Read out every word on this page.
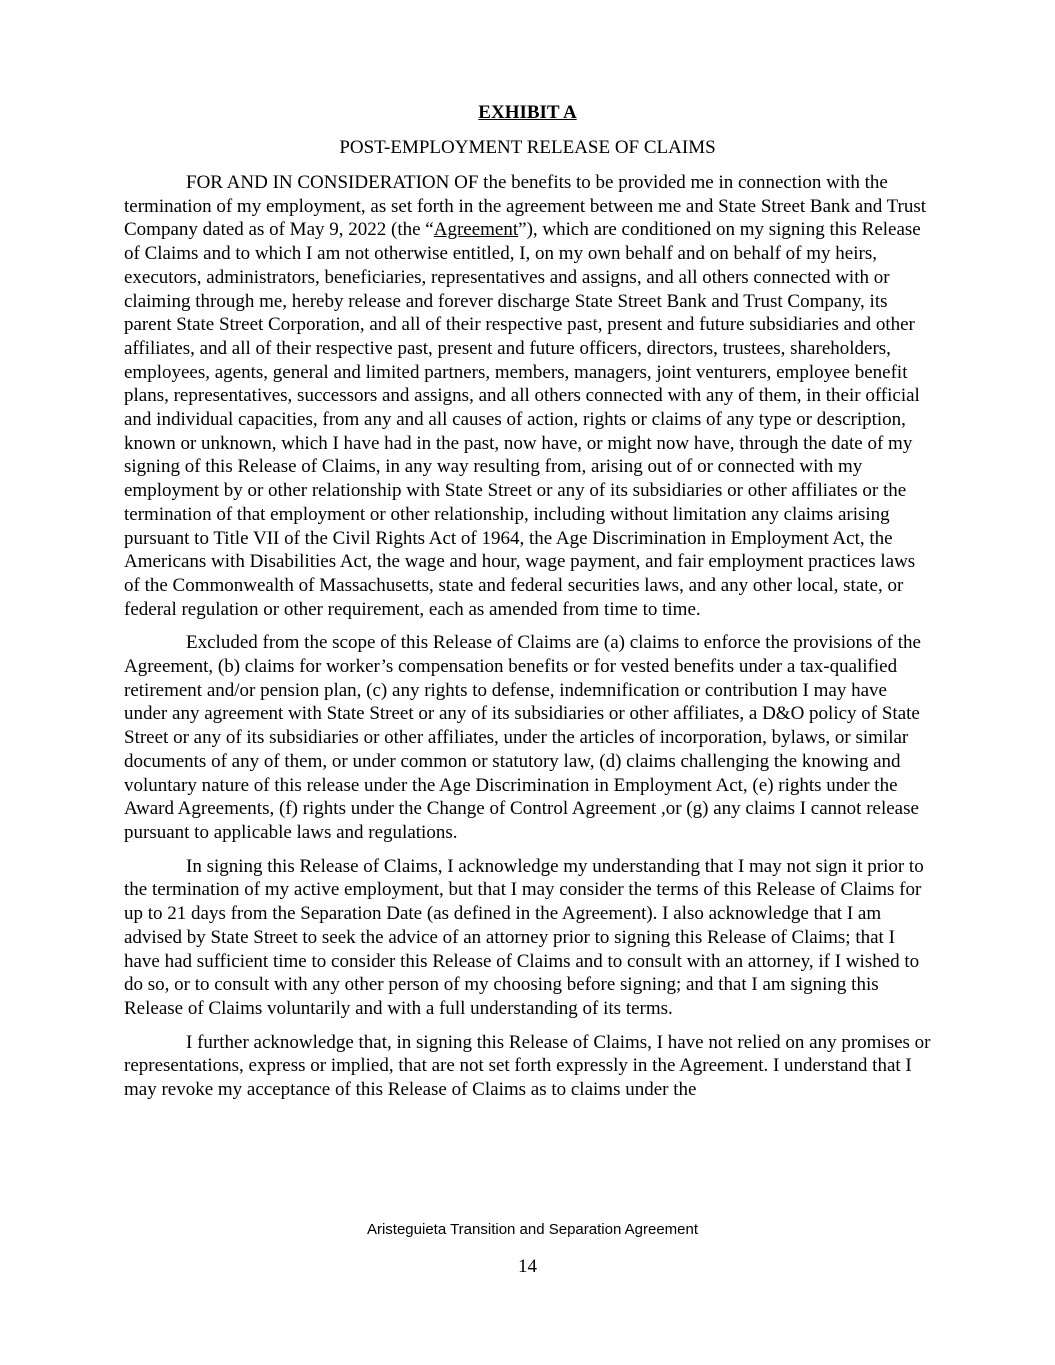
EXHIBIT A
POST-EMPLOYMENT RELEASE OF CLAIMS

FOR AND IN CONSIDERATION OF the benefits to be provided me in connection with the termination of my employment, as set forth in the agreement between me and State Street Bank and Trust Company dated as of May 9, 2022 (the “Agreement”), which are conditioned on my signing this Release of Claims and to which I am not otherwise entitled, I, on my own behalf and on behalf of my heirs, executors, administrators, beneficiaries, representatives and assigns, and all others connected with or claiming through me, hereby release and forever discharge State Street Bank and Trust Company, its parent State Street Corporation, and all of their respective past, present and future subsidiaries and other affiliates, and all of their respective past, present and future officers, directors, trustees, shareholders, employees, agents, general and limited partners, members, managers, joint venturers, employee benefit plans, representatives, successors and assigns, and all others connected with any of them, in their official and individual capacities, from any and all causes of action, rights or claims of any type or description, known or unknown, which I have had in the past, now have, or might now have, through the date of my signing of this Release of Claims, in any way resulting from, arising out of or connected with my employment by or other relationship with State Street or any of its subsidiaries or other affiliates or the termination of that employment or other relationship, including without limitation any claims arising pursuant to Title VII of the Civil Rights Act of 1964, the Age Discrimination in Employment Act, the Americans with Disabilities Act, the wage and hour, wage payment, and fair employment practices laws of the Commonwealth of Massachusetts, state and federal securities laws, and any other local, state, or federal regulation or other requirement, each as amended from time to time.

Excluded from the scope of this Release of Claims are (a) claims to enforce the provisions of the Agreement, (b) claims for worker’s compensation benefits or for vested benefits under a tax-qualified retirement and/or pension plan, (c) any rights to defense, indemnification or contribution I may have under any agreement with State Street or any of its subsidiaries or other affiliates, a D&O policy of State Street or any of its subsidiaries or other affiliates, under the articles of incorporation, bylaws, or similar documents of any of them, or under common or statutory law, (d) claims challenging the knowing and voluntary nature of this release under the Age Discrimination in Employment Act, (e) rights under the Award Agreements, (f) rights under the Change of Control Agreement ,or (g) any claims I cannot release pursuant to applicable laws and regulations.

In signing this Release of Claims, I acknowledge my understanding that I may not sign it prior to the termination of my active employment, but that I may consider the terms of this Release of Claims for up to 21 days from the Separation Date (as defined in the Agreement). I also acknowledge that I am advised by State Street to seek the advice of an attorney prior to signing this Release of Claims; that I have had sufficient time to consider this Release of Claims and to consult with an attorney, if I wished to do so, or to consult with any other person of my choosing before signing; and that I am signing this Release of Claims voluntarily and with a full understanding of its terms.

I further acknowledge that, in signing this Release of Claims, I have not relied on any promises or representations, express or implied, that are not set forth expressly in the Agreement. I understand that I may revoke my acceptance of this Release of Claims as to claims under the

Aristeguieta Transition and Separation Agreement
14
